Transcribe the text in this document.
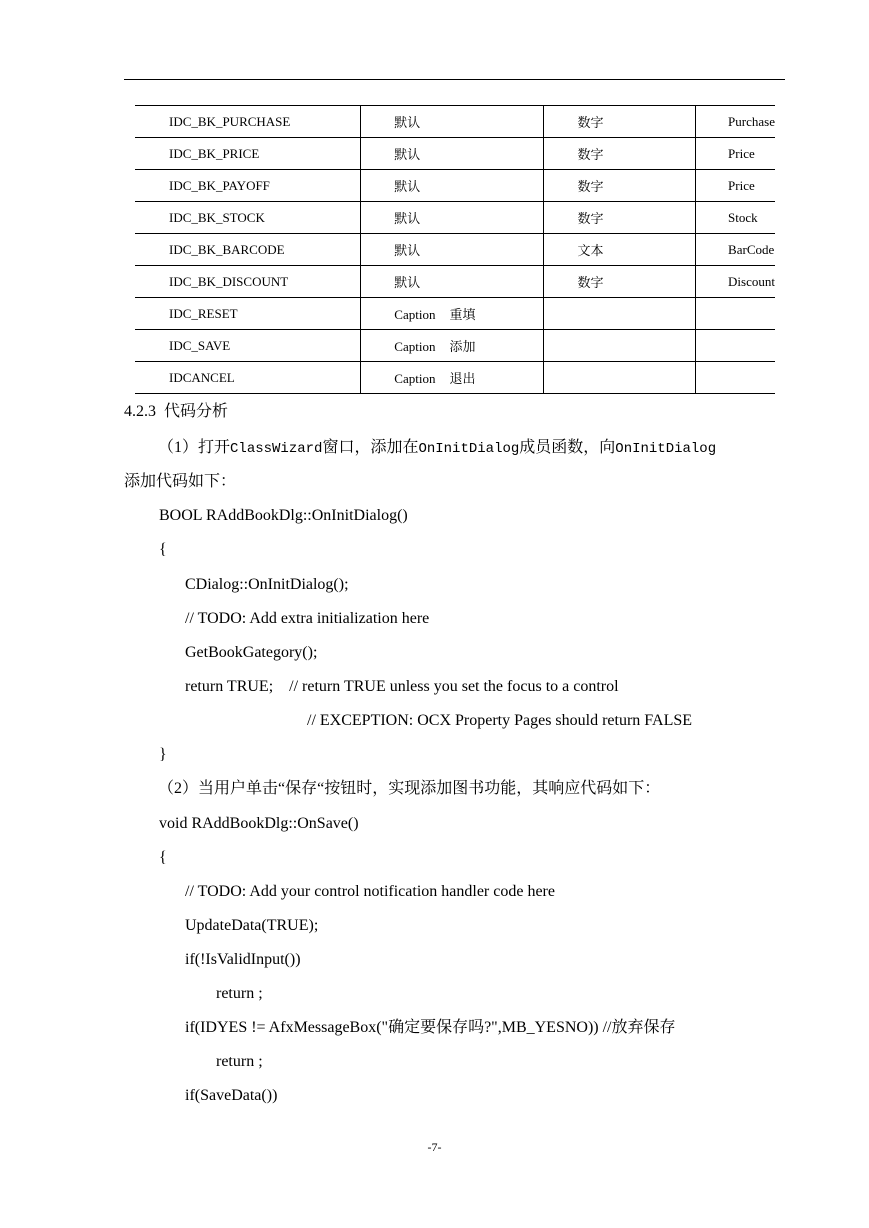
IDC_BK_PURCHASE	默认	数字	Purchase
IDC_BK_PRICE	默认	数字	Price
IDC_BK_PAYOFF	默认	数字	Price
IDC_BK_STOCK	默认	数字	Stock
IDC_BK_BARCODE	默认	文本	BarCode
IDC_BK_DISCOUNT	默认	数字	Discount
IDC_RESET	Caption 重填		
IDC_SAVE	Caption 添加		
IDCANCEL	Caption 退出		
4.2.3  代码分析
（1）打开ClassWizard窗口，添加在OnInitDialog成员函数，向OnInitDialog
添加代码如下：
BOOL RAddBookDlg::OnInitDialog()
{
CDialog::OnInitDialog();
// TODO: Add extra initialization here
GetBookGategory();
return TRUE;    // return TRUE unless you set the focus to a control
// EXCEPTION: OCX Property Pages should return FALSE
}
（2）当用户单击“保存“按钮时，实现添加图书功能，其响应代码如下：
void RAddBookDlg::OnSave()
{
// TODO: Add your control notification handler code here
UpdateData(TRUE);
if(!IsValidInput())
return ;
if(IDYES != AfxMessageBox("确定要保存吗?",MB_YESNO)) //放弃保存
return ;
if(SaveData())
-7-
